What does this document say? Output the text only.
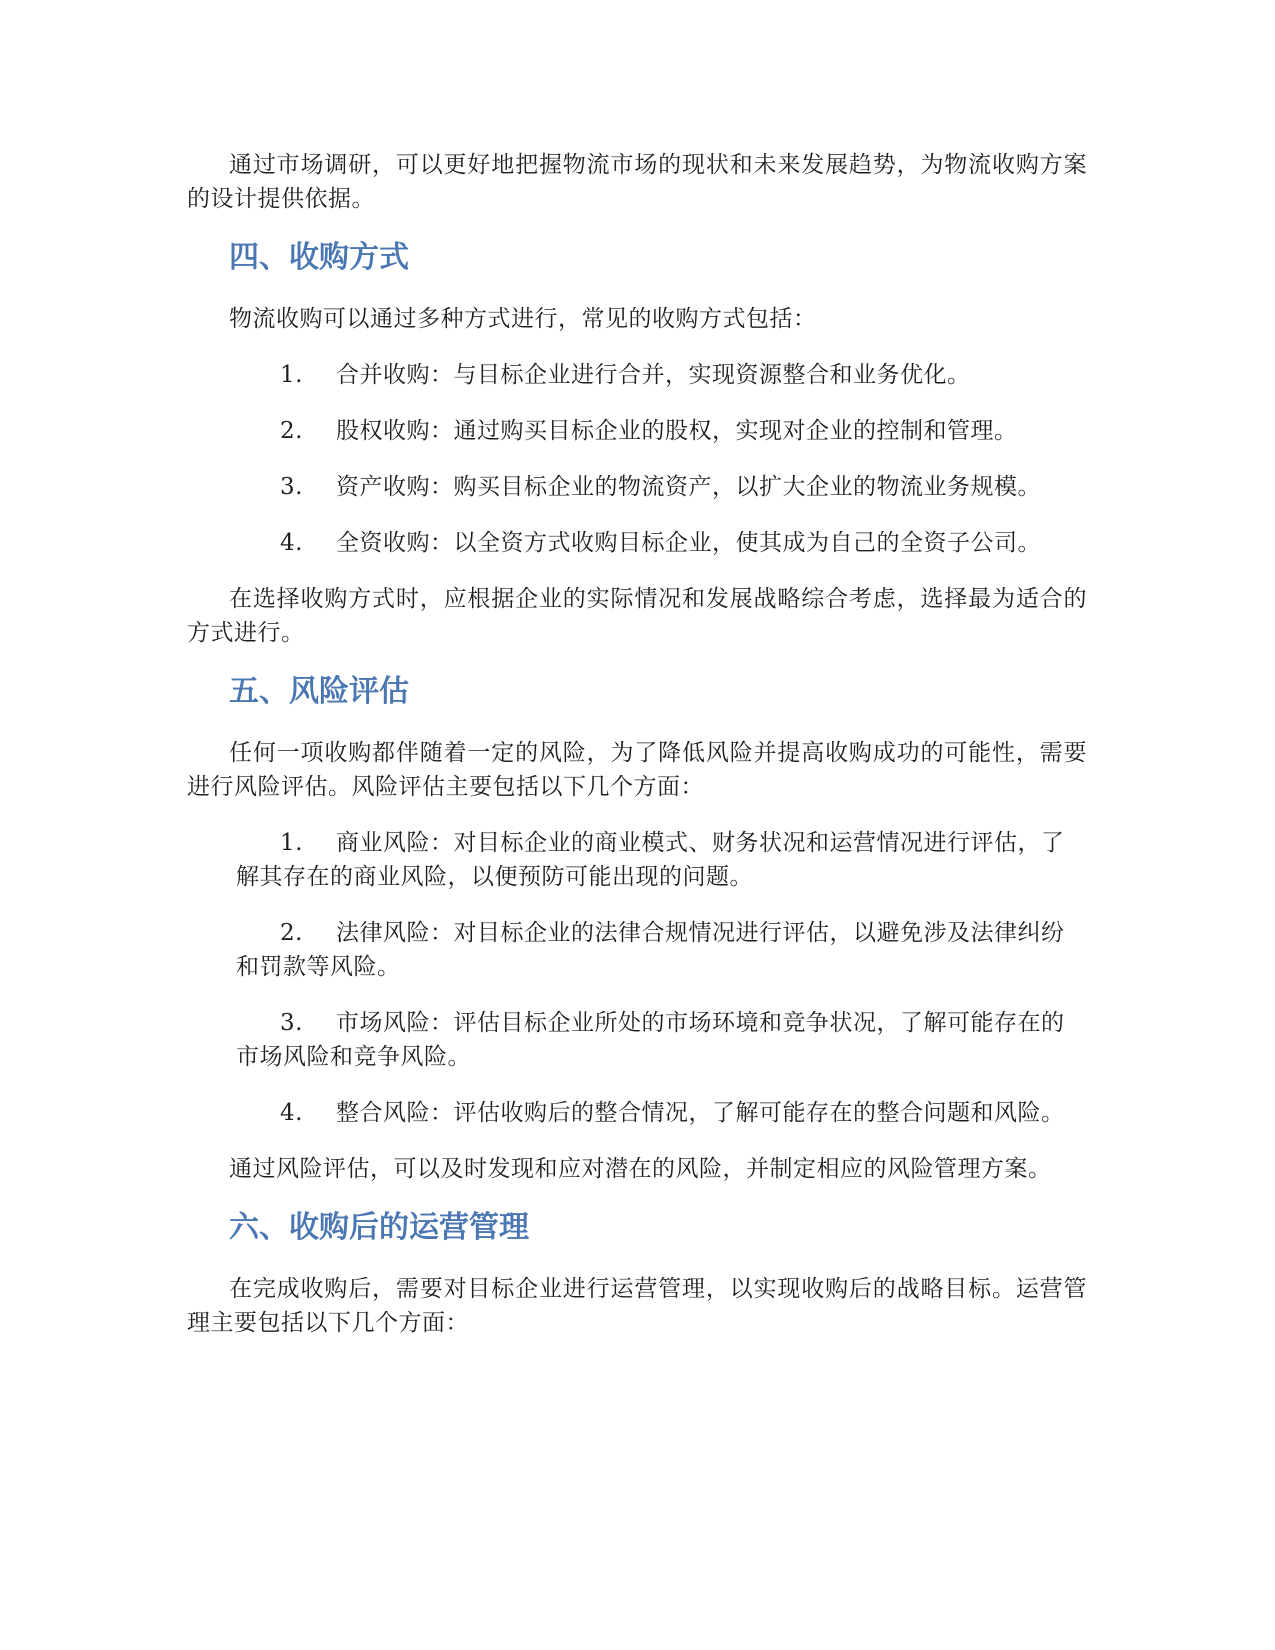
通过市场调研，可以更好地把握物流市场的现状和未来发展趋势，为物流收购方案的设计提供依据。

四、收购方式

物流收购可以通过多种方式进行，常见的收购方式包括：

1. 合并收购：与目标企业进行合并，实现资源整合和业务优化。
2. 股权收购：通过购买目标企业的股权，实现对企业的控制和管理。
3. 资产收购：购买目标企业的物流资产，以扩大企业的物流业务规模。
4. 全资收购：以全资方式收购目标企业，使其成为自己的全资子公司。

在选择收购方式时，应根据企业的实际情况和发展战略综合考虑，选择最为适合的方式进行。

五、风险评估

任何一项收购都伴随着一定的风险，为了降低风险并提高收购成功的可能性，需要进行风险评估。风险评估主要包括以下几个方面：

1. 商业风险：对目标企业的商业模式、财务状况和运营情况进行评估，了解其存在的商业风险，以便预防可能出现的问题。
2. 法律风险：对目标企业的法律合规情况进行评估，以避免涉及法律纠纷和罚款等风险。
3. 市场风险：评估目标企业所处的市场环境和竞争状况，了解可能存在的市场风险和竞争风险。
4. 整合风险：评估收购后的整合情况，了解可能存在的整合问题和风险。

通过风险评估，可以及时发现和应对潜在的风险，并制定相应的风险管理方案。

六、收购后的运营管理

在完成收购后，需要对目标企业进行运营管理，以实现收购后的战略目标。运营管理主要包括以下几个方面：
